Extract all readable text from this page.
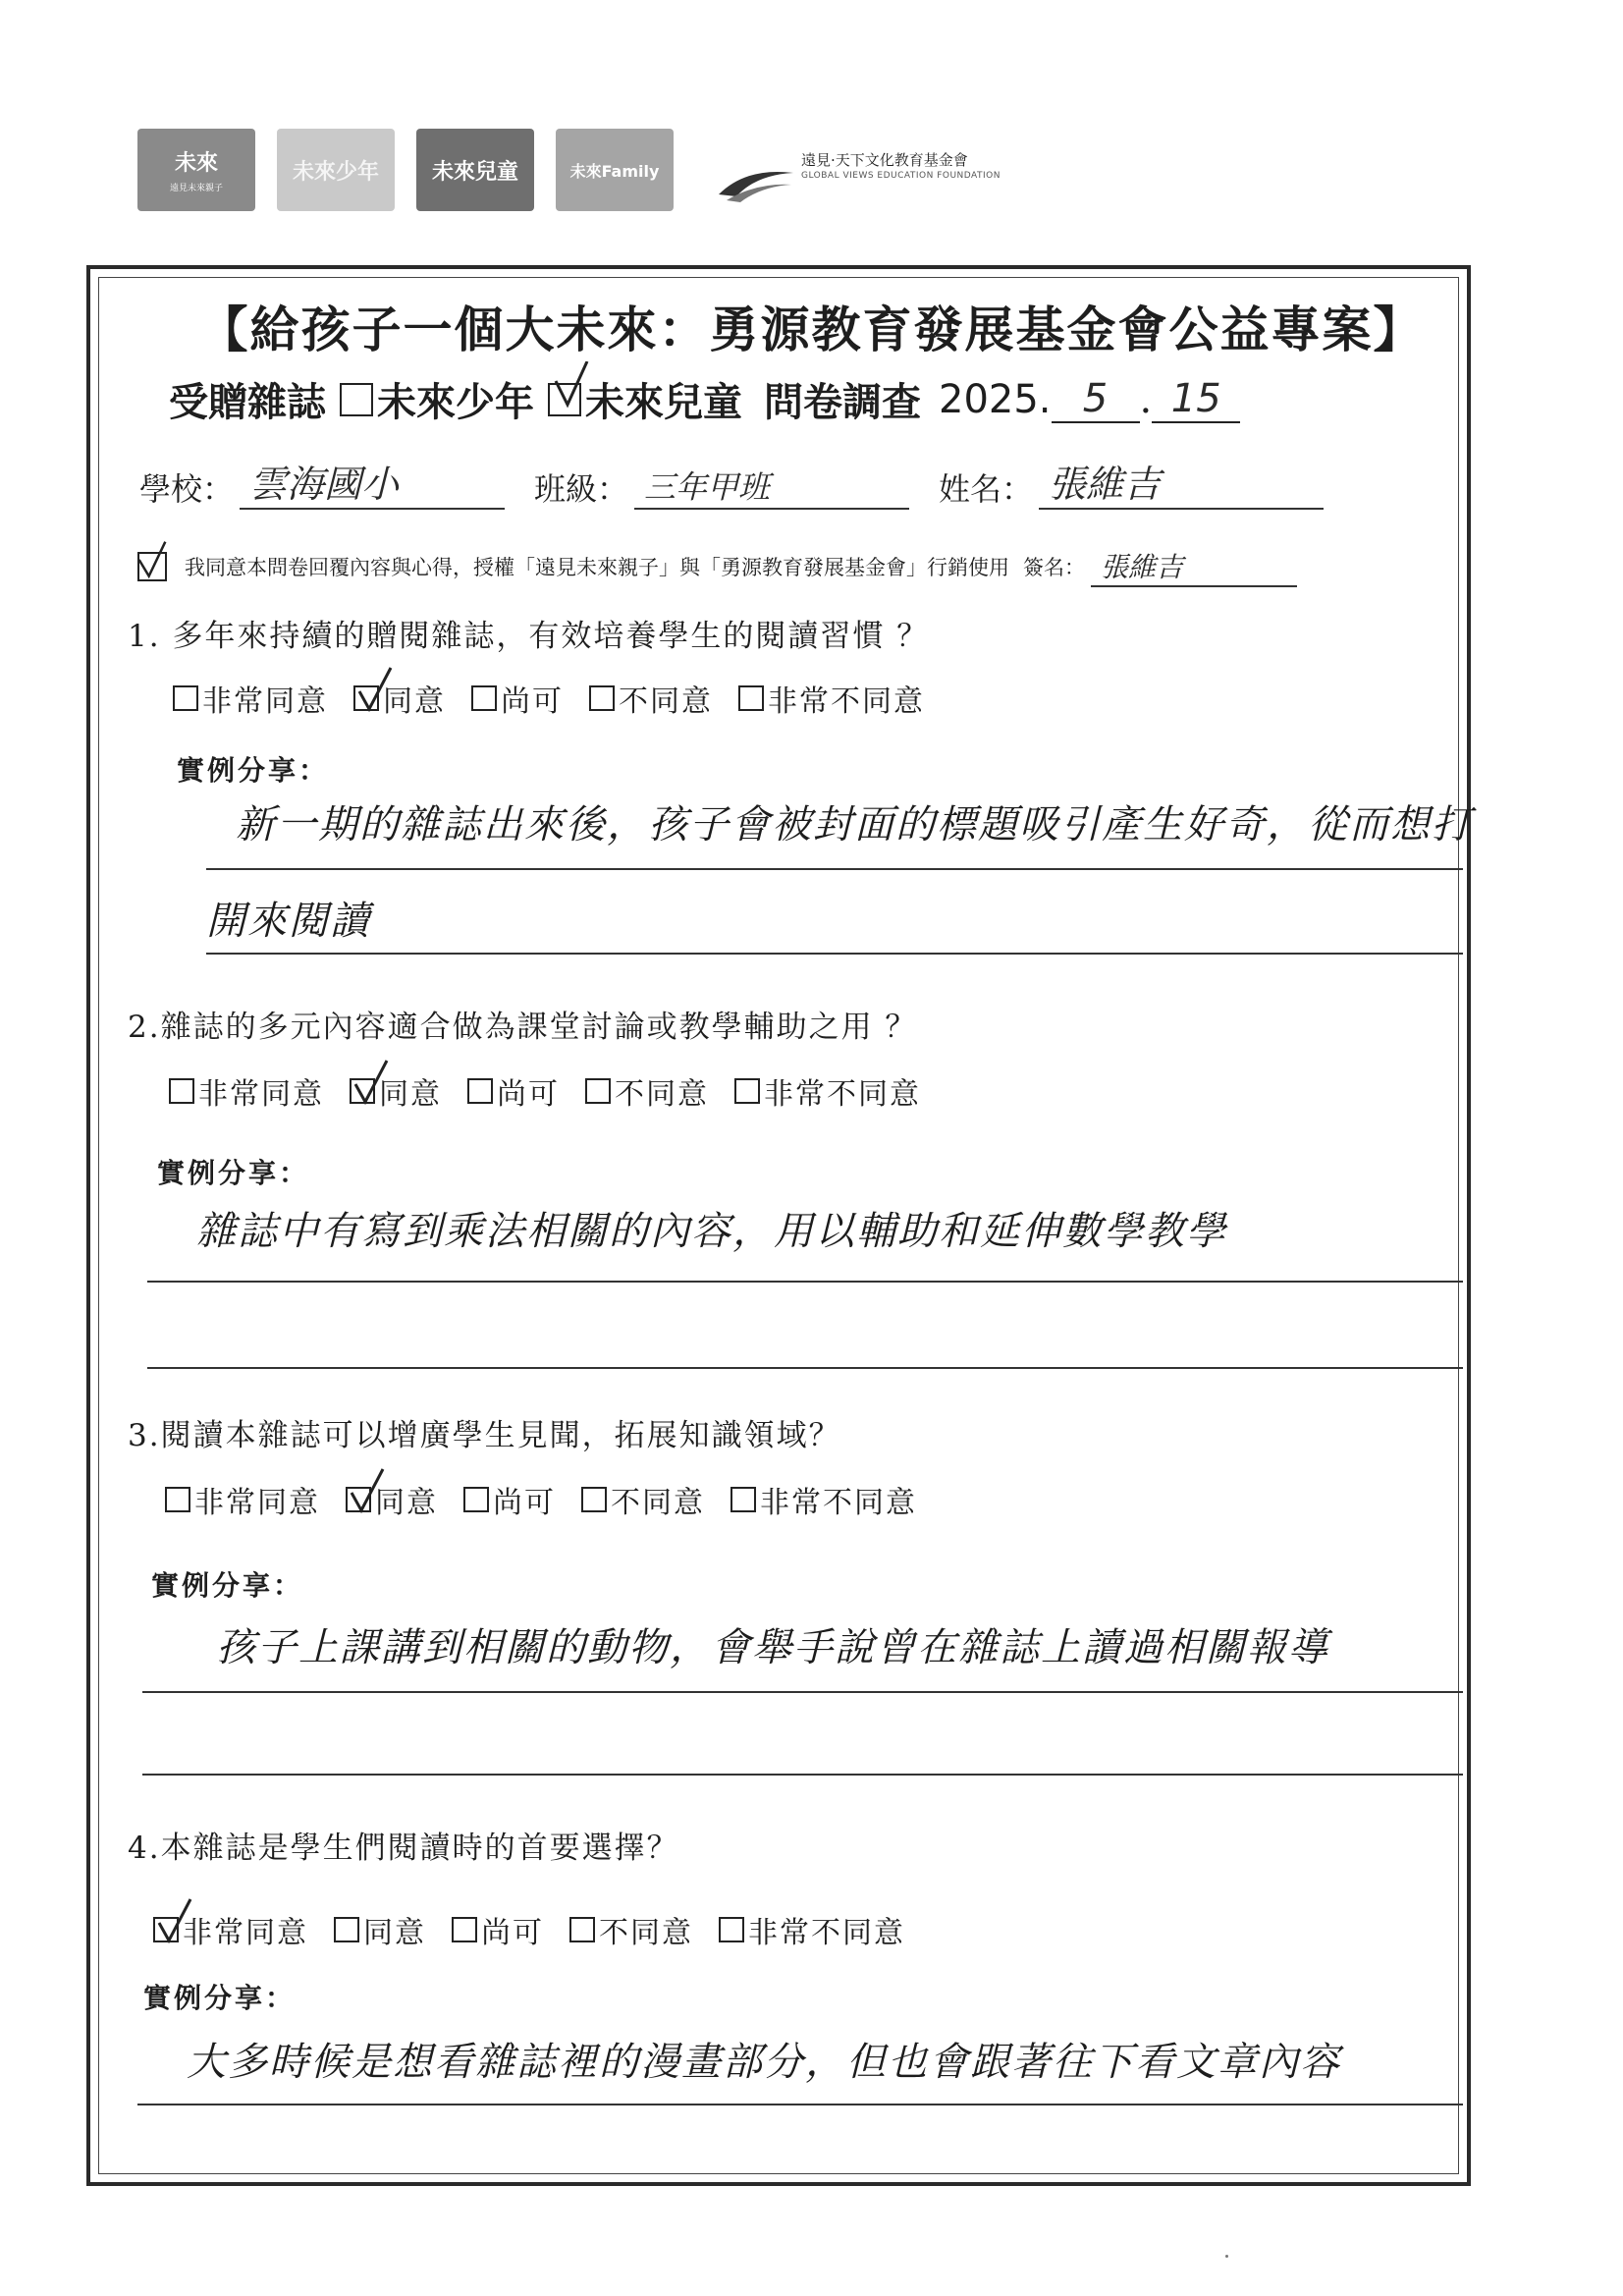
未來
遠見未來親子
未來少年 未來兒童	未來Family
遠見·天下文化教育基金會
GLOBAL VIEWS EDUCATION FOUNDATION
【給孩子一個大未來：勇源教育發展基金會公益專案】
受贈雜誌 未來少年 未來兒童 問卷調查 2025. 5 . 15
學校： 雲海國小	班級： 三年甲班	姓名： 張維吉
我同意本問卷回覆內容與心得，授權「遠見未來親子」與「勇源教育發展基金會」行銷使用 簽名： 張維吉
1. 多年來持續的贈閱雜誌，有效培養學生的閱讀習慣 ？
非常同意 同意 尚可 不同意 非常不同意
實例分享：
新一期的雜誌出來後，孩子會被封面的標題吸引產生好奇，從而想打
開來閱讀
2.雜誌的多元內容適合做為課堂討論或教學輔助之用 ？
非常同意 同意 尚可 不同意 非常不同意
實例分享：
雜誌中有寫到乘法相關的內容，用以輔助和延伸數學教學
3.閱讀本雜誌可以增廣學生見聞，拓展知識領域？
非常同意 同意 尚可 不同意 非常不同意
實例分享：
孩子上課講到相關的動物，會舉手說曾在雜誌上讀過相關報導
4.本雜誌是學生們閱讀時的首要選擇？
非常同意 同意 尚可 不同意 非常不同意
實例分享：
大多時候是想看雜誌裡的漫畫部分，但也會跟著往下看文章內容
